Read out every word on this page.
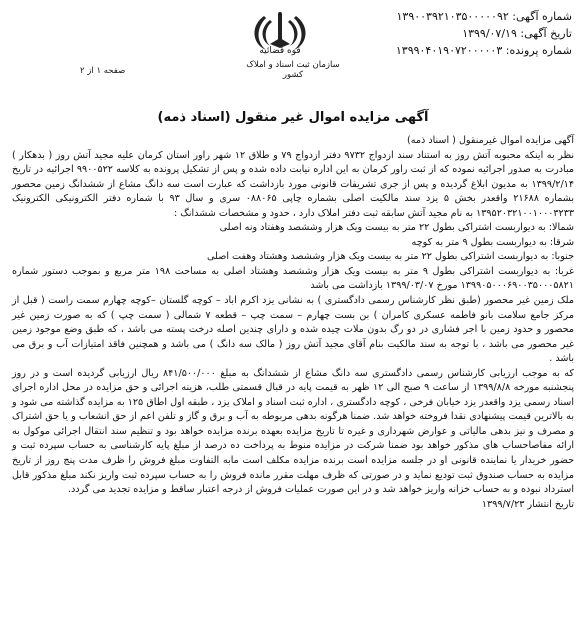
شماره آگهی: ۱۳۹۰۰۳۹۲۱۰۳۵۰۰۰۰۰۹۲
تاریخ آگهی: ۱۳۹۹/۰۷/۱۹
شماره پرونده: ۱۳۹۹۰۴۰۱۹۰۷۲۰۰۰۰۰۳
قوه قضائیه
سازمان ثبت اسناد و املاک کشور
صفحه ۱ از ۲
آگهی مزایده اموال غیر منقول (اسناد ذمه)

آگهی مزایده اموال غیرمنقول ( اسناد ذمه)

نظر به اینکه محبوبه آتش روز به استناد سند ازدواج ۹۷۳۲ دفتر ازدواج ۷۹ و طلاق ۱۲ شهر راور استان کرمان علیه مجید آتش روز ( بدهکار ) مبادرت به صدور اجرائیه نموده که از ثبت راور کرمان به این اداره نیابت داده شده و پس از تشکیل پرونده به کلاسه ۹۹۰۰۵۲۲ اجرائیه در تاریخ ۱۳۹۹/۲/۱۴ به مدیون ابلاغ گردیده و پس از جری تشریفات قانونی مورد بازداشت که عبارت است سه دانگ مشاع از ششدانگ زمین محصور بشماره ۲۱۶۸۸ واقعدر بخش ۵ یزد سند مالکیت اصلی بشماره چاپی ۰۸۸۰۶۵ سری و سال ۹۳ با شماره دفتر الکترونیکی الکترونیک ۱۳۹۵۲۰۳۲۱۰۰۱۰۰۰۳۲۳۳ به نام مجید آتش سابقه ثبت دفتر املاک دارد ، حدود و مشخصات ششدانگ :

شمالا: به دیواربست اشتراکی بطول ۲۲ متر به بیست ویک هزار وششصد وهفتاد ونه اصلی

شرقا: به دیواربست بطول ۹ متر به کوچه

جنوبا: به دیواربست اشتراکی بطول ۲۲ متر به بیست ویک هزار وششصد وهشتاد وهفت اصلی

غربا: به دیواربست اشتراکی بطول ۹ متر به بیست ویک هزار وششصد وهشتاد اصلی به مساحت ۱۹۸ متر مربع و بموجب دستور شماره ۱۳۹۹۰۵۰۰۰۶۹۰۰۳۵۰۰۰۵۸۲۱ مورخ ۱۳۹۹/۰۳/۰۷ بازداشت می باشد

ملک زمین غیر محصور (طبق نظر کارشناس رسمی دادگستری ) به نشانی یزد اکرم اباد – کوچه گلستان –کوچه چهارم سمت راست ( قبل از مرکز جامع سلامت بانو فاطمه عسکری کامران ) بن بست چهارم – سمت چپ – قطعه ۷ شمالی ( سمت چپ ) که به صورت زمین غیر محصور و حدود زمین با اجر فشاری در دو رگ بدون ملات چیده شده و دارای چندین اصله درخت پسته می باشد ، که طبق وضع موجود زمین غیر محصور می باشد ، با توجه به سند مالکیت بنام آقای مجید آتش روز ( مالک سه دانگ ) می باشد و همچنین فاقد امتیازات آب و برق می باشد .

که به موجب ارزیابی کارشناس رسمی دادگستری سه دانگ مشاع از ششدانگ به مبلغ ۸۴۱/۵۰۰/۰۰۰ ریال ارزیابی گردیده است و در روز پنجشنبه مورخه ۱۳۹۹/۸/۸ از ساعت ۹ صبح الی ۱۲ ظهر به قیمت پایه در قبال قسمتی طلب، هزینه اجرائی و حق مزایده در محل اداره اجرای اسناد رسمی یزد واقعدر یزد خیابان فرخی ، کوچه دادگستری ، اداره ثبت اسناد و املاک یزد ، طبقه اول اطاق ۱۲۵ به مزایده گذاشته می شود و به بالاترین قیمت پیشنهادی نقدا فروخته خواهد شد. ضمنا هرگونه بدهی مربوطه به آب و برق و گاز و تلفن اعم از حق انشعاب و یا حق اشتراک و مصرف و نیز بدهی مالیاتی و عوارض شهرداری و غیره تا تاریخ مزایده بعهده برنده مزایده خواهد بود و تنظیم سند انتقال اجرائی موکول به ارائه مفاصاحساب های مذکور خواهد بود ضمنا شرکت در مزایده منوط به پرداخت ده درصد از مبلغ پایه کارشناسی به حساب سپرده ثبت و حضور خریدار یا نماینده قانونی او در جلسه مزایده است برنده مزایده مکلف است مابه التفاوت مبلغ فروش را ظرف مدت پنج روز از تاریخ مزایده به حساب صندوق ثبت تودیع نماید و در صورتی که ظرف مهلت مقرر مانده فروش را به حساب سپرده ثبت واریز نکند مبلغ مذکور قابل استرداد نبوده و به حساب خزانه واریز خواهد شد و در این صورت عملیات فروش از درجه اعتبار ساقط و مزایده تجدید می گردد.

تاریخ انتشار ۱۳۹۹/۷/۲۳
